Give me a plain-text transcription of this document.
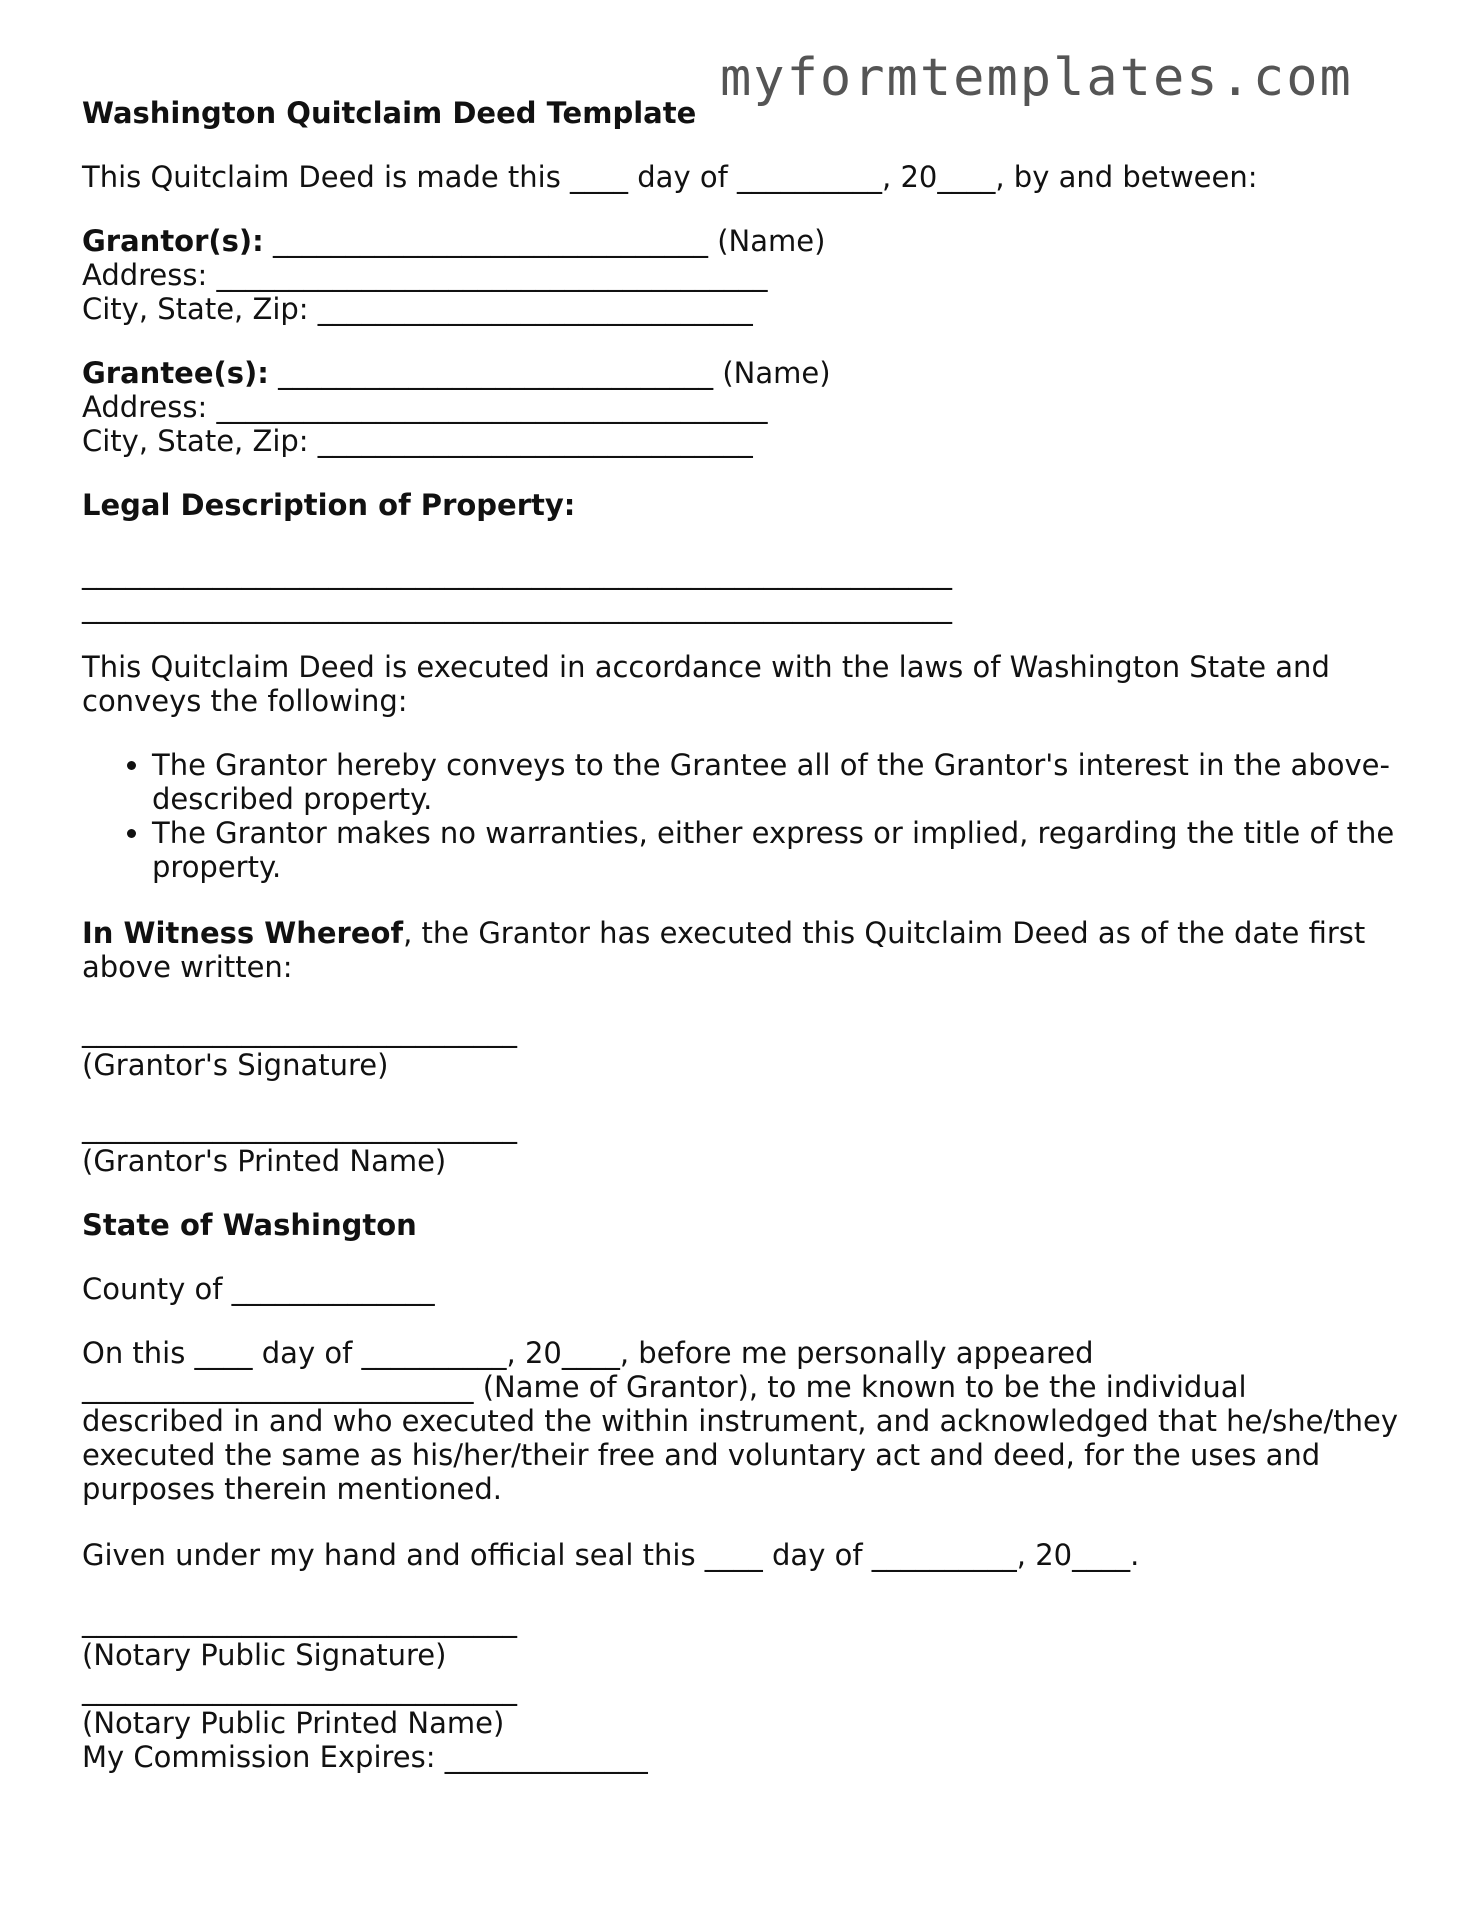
myformtemplates.com
Washington Quitclaim Deed Template
This Quitclaim Deed is made this ____ day of __________, 20____, by and between:
Grantor(s): ______________________________ (Name)
Address: ______________________________________
City, State, Zip: ______________________________
Grantee(s): ______________________________ (Name)
Address: ______________________________________
City, State, Zip: ______________________________
Legal Description of Property:
____________________________________________________________
____________________________________________________________
This Quitclaim Deed is executed in accordance with the laws of Washington State and
conveys the following:
• The Grantor hereby conveys to the Grantee all of the Grantor's interest in the above-
described property.
• The Grantor makes no warranties, either express or implied, regarding the title of the
property.
In Witness Whereof, the Grantor has executed this Quitclaim Deed as of the date first
above written:
______________________________
(Grantor's Signature)
______________________________
(Grantor's Printed Name)
State of Washington
County of ______________
On this ____ day of __________, 20____, before me personally appeared
___________________________ (Name of Grantor), to me known to be the individual
described in and who executed the within instrument, and acknowledged that he/she/they
executed the same as his/her/their free and voluntary act and deed, for the uses and
purposes therein mentioned.
Given under my hand and official seal this ____ day of __________, 20____.
______________________________
(Notary Public Signature)
______________________________
(Notary Public Printed Name)
My Commission Expires: ______________
